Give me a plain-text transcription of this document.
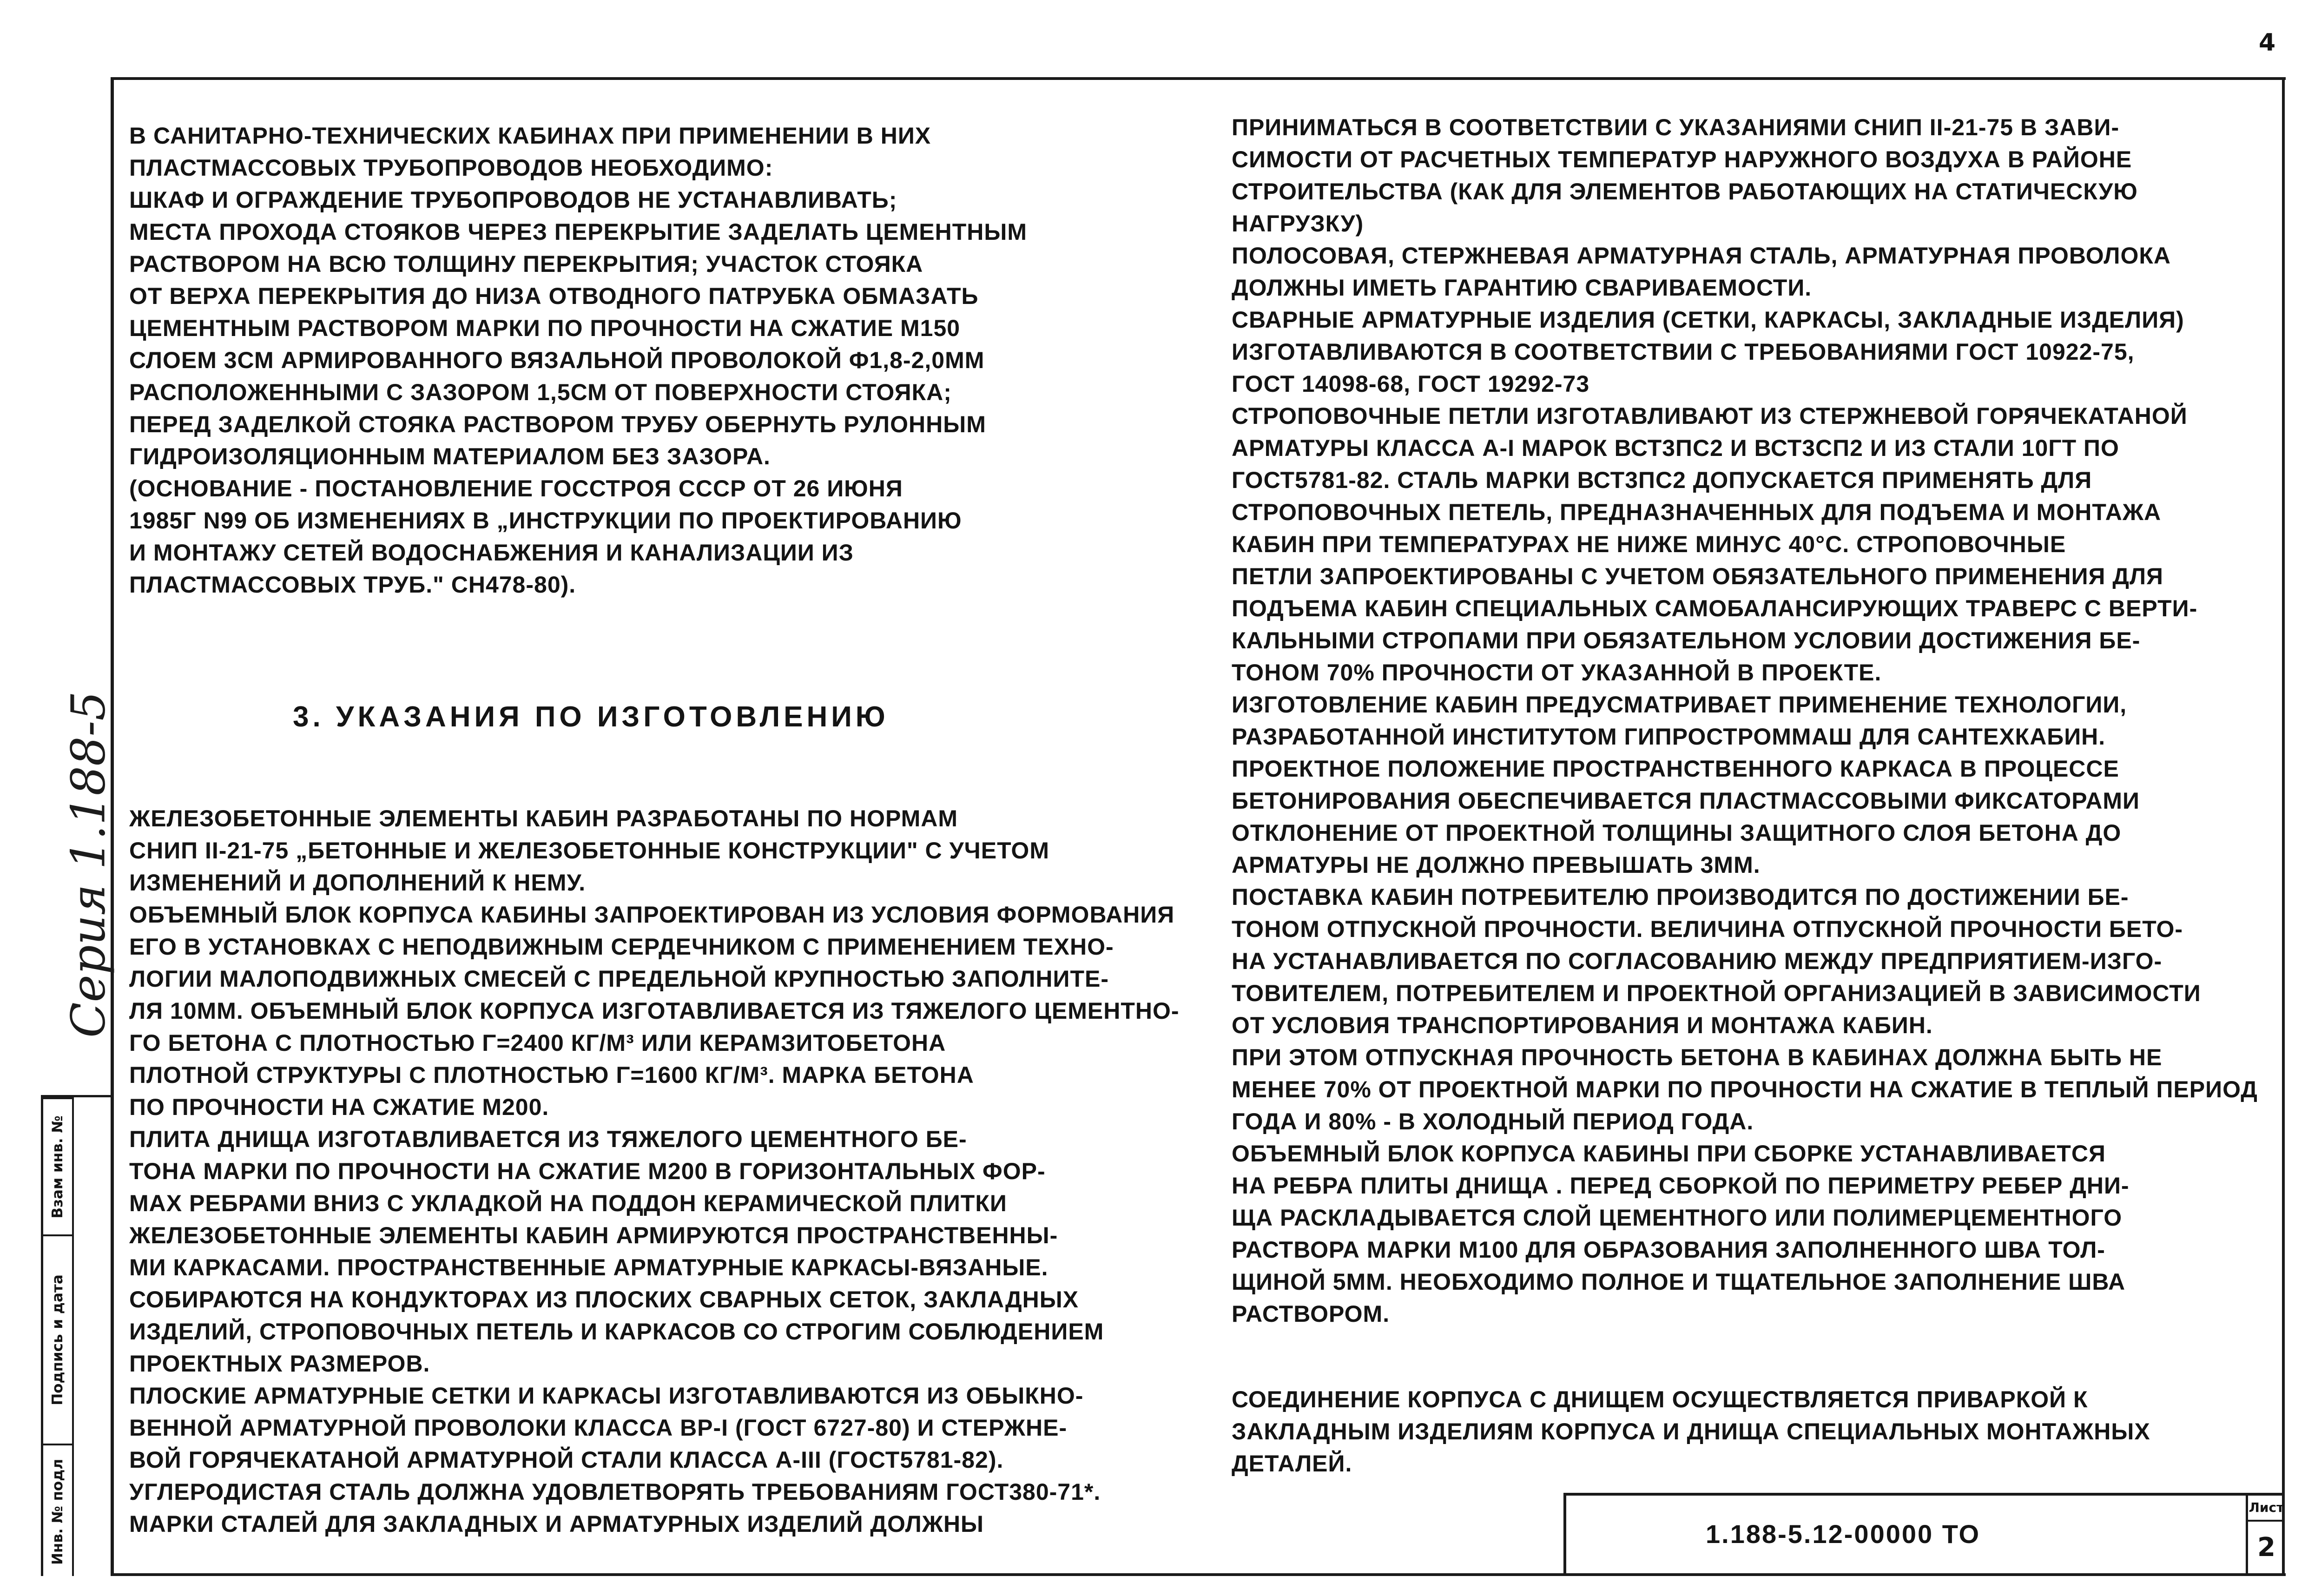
4
Серия 1.188-5
Инв. № подл
Подпись и дата
Взам инв. №
В САНИТАРНО-ТЕХНИЧЕСКИХ КАБИНАХ ПРИ ПРИМЕНЕНИИ В НИХ
ПЛАСТМАССОВЫХ ТРУБОПРОВОДОВ НЕОБХОДИМО:
ШКАФ И ОГРАЖДЕНИЕ ТРУБОПРОВОДОВ НЕ УСТАНАВЛИВАТЬ;
МЕСТА ПРОХОДА СТОЯКОВ ЧЕРЕЗ ПЕРЕКРЫТИЕ ЗАДЕЛАТЬ ЦЕМЕНТНЫМ
РАСТВОРОМ НА ВСЮ ТОЛЩИНУ ПЕРЕКРЫТИЯ; УЧАСТОК СТОЯКА
ОТ ВЕРХА ПЕРЕКРЫТИЯ ДО НИЗА ОТВОДНОГО ПАТРУБКА ОБМАЗАТЬ
ЦЕМЕНТНЫМ РАСТВОРОМ МАРКИ ПО ПРОЧНОСТИ НА СЖАТИЕ М150
СЛОЕМ 3СМ АРМИРОВАННОГО ВЯЗАЛЬНОЙ ПРОВОЛОКОЙ Ф1,8-2,0ММ
РАСПОЛОЖЕННЫМИ С ЗАЗОРОМ 1,5СМ ОТ ПОВЕРХНОСТИ СТОЯКА;
ПЕРЕД ЗАДЕЛКОЙ СТОЯКА РАСТВОРОМ ТРУБУ ОБЕРНУТЬ РУЛОННЫМ
ГИДРОИЗОЛЯЦИОННЫМ МАТЕРИАЛОМ БЕЗ ЗАЗОРА.
(ОСНОВАНИЕ - ПОСТАНОВЛЕНИЕ ГОССТРОЯ СССР ОТ 26 ИЮНЯ
1985Г N99 ОБ ИЗМЕНЕНИЯХ В „ИНСТРУКЦИИ ПО ПРОЕКТИРОВАНИЮ
И МОНТАЖУ СЕТЕЙ ВОДОСНАБЖЕНИЯ И КАНАЛИЗАЦИИ ИЗ
ПЛАСТМАССОВЫХ ТРУБ." СН478-80).
3. УКАЗАНИЯ ПО ИЗГОТОВЛЕНИЮ
ЖЕЛЕЗОБЕТОННЫЕ ЭЛЕМЕНТЫ КАБИН РАЗРАБОТАНЫ ПО НОРМАМ
СНИП II-21-75 „БЕТОННЫЕ И ЖЕЛЕЗОБЕТОННЫЕ КОНСТРУКЦИИ" С УЧЕТОМ
ИЗМЕНЕНИЙ И ДОПОЛНЕНИЙ К НЕМУ.
ОБЪЕМНЫЙ БЛОК КОРПУСА КАБИНЫ ЗАПРОЕКТИРОВАН ИЗ УСЛОВИЯ ФОРМОВАНИЯ
ЕГО В УСТАНОВКАХ С НЕПОДВИЖНЫМ СЕРДЕЧНИКОМ С ПРИМЕНЕНИЕМ ТЕХНО-
ЛОГИИ МАЛОПОДВИЖНЫХ СМЕСЕЙ С ПРЕДЕЛЬНОЙ КРУПНОСТЬЮ ЗАПОЛНИТЕ-
ЛЯ 10ММ. ОБЪЕМНЫЙ БЛОК КОРПУСА ИЗГОТАВЛИВАЕТСЯ ИЗ ТЯЖЕЛОГО ЦЕМЕНТНО-
ГО БЕТОНА С ПЛОТНОСТЬЮ Γ=2400 КГ/М³ ИЛИ КЕРАМЗИТОБЕТОНА
ПЛОТНОЙ СТРУКТУРЫ С ПЛОТНОСТЬЮ Γ=1600 КГ/М³. МАРКА БЕТОНА
ПО ПРОЧНОСТИ НА СЖАТИЕ М200.
ПЛИТА ДНИЩА ИЗГОТАВЛИВАЕТСЯ ИЗ ТЯЖЕЛОГО ЦЕМЕНТНОГО БЕ-
ТОНА МАРКИ ПО ПРОЧНОСТИ НА СЖАТИЕ М200 В ГОРИЗОНТАЛЬНЫХ ФОР-
МАХ РЕБРАМИ ВНИЗ С УКЛАДКОЙ НА ПОДДОН КЕРАМИЧЕСКОЙ ПЛИТКИ
ЖЕЛЕЗОБЕТОННЫЕ ЭЛЕМЕНТЫ КАБИН АРМИРУЮТСЯ ПРОСТРАНСТВЕННЫ-
МИ КАРКАСАМИ. ПРОСТРАНСТВЕННЫЕ АРМАТУРНЫЕ КАРКАСЫ-ВЯЗАНЫЕ.
СОБИРАЮТСЯ НА КОНДУКТОРАХ ИЗ ПЛОСКИХ СВАРНЫХ СЕТОК, ЗАКЛАДНЫХ
ИЗДЕЛИЙ, СТРОПОВОЧНЫХ ПЕТЕЛЬ И КАРКАСОВ СО СТРОГИМ СОБЛЮДЕНИЕМ
ПРОЕКТНЫХ РАЗМЕРОВ.
ПЛОСКИЕ АРМАТУРНЫЕ СЕТКИ И КАРКАСЫ ИЗГОТАВЛИВАЮТСЯ ИЗ ОБЫКНО-
ВЕННОЙ АРМАТУРНОЙ ПРОВОЛОКИ КЛАССА ВР-I (ГОСТ 6727-80) И СТЕРЖНЕ-
ВОЙ ГОРЯЧЕКАТАНОЙ АРМАТУРНОЙ СТАЛИ КЛАССА А-III (ГОСТ5781-82).
УГЛЕРОДИСТАЯ СТАЛЬ ДОЛЖНА УДОВЛЕТВОРЯТЬ ТРЕБОВАНИЯМ ГОСТ380-71*.
МАРКИ СТАЛЕЙ ДЛЯ ЗАКЛАДНЫХ И АРМАТУРНЫХ ИЗДЕЛИЙ ДОЛЖНЫ
ПРИНИМАТЬСЯ В СООТВЕТСТВИИ С УКАЗАНИЯМИ СНИП II-21-75 В ЗАВИ-
СИМОСТИ ОТ РАСЧЕТНЫХ ТЕМПЕРАТУР НАРУЖНОГО ВОЗДУХА В РАЙОНЕ
СТРОИТЕЛЬСТВА (КАК ДЛЯ ЭЛЕМЕНТОВ РАБОТАЮЩИХ НА СТАТИЧЕСКУЮ
НАГРУЗКУ)
ПОЛОСОВАЯ, СТЕРЖНЕВАЯ АРМАТУРНАЯ СТАЛЬ, АРМАТУРНАЯ ПРОВОЛОКА
ДОЛЖНЫ ИМЕТЬ ГАРАНТИЮ СВАРИВАЕМОСТИ.
СВАРНЫЕ АРМАТУРНЫЕ ИЗДЕЛИЯ (СЕТКИ, КАРКАСЫ, ЗАКЛАДНЫЕ ИЗДЕЛИЯ)
ИЗГОТАВЛИВАЮТСЯ В СООТВЕТСТВИИ С ТРЕБОВАНИЯМИ ГОСТ 10922-75,
ГОСТ 14098-68, ГОСТ 19292-73
СТРОПОВОЧНЫЕ ПЕТЛИ ИЗГОТАВЛИВАЮТ ИЗ СТЕРЖНЕВОЙ ГОРЯЧЕКАТАНОЙ
АРМАТУРЫ КЛАССА А-I МАРОК ВСТ3ПС2 И ВСТ3СП2 И ИЗ СТАЛИ 10ГТ ПО
ГОСТ5781-82. СТАЛЬ МАРКИ ВСТ3ПС2 ДОПУСКАЕТСЯ ПРИМЕНЯТЬ ДЛЯ
СТРОПОВОЧНЫХ ПЕТЕЛЬ, ПРЕДНАЗНАЧЕННЫХ ДЛЯ ПОДЪЕМА И МОНТАЖА
КАБИН ПРИ ТЕМПЕРАТУРАХ НЕ НИЖЕ МИНУС 40°С. СТРОПОВОЧНЫЕ
ПЕТЛИ ЗАПРОЕКТИРОВАНЫ С УЧЕТОМ ОБЯЗАТЕЛЬНОГО ПРИМЕНЕНИЯ ДЛЯ
ПОДЪЕМА КАБИН СПЕЦИАЛЬНЫХ САМОБАЛАНСИРУЮЩИХ ТРАВЕРС С ВЕРТИ-
КАЛЬНЫМИ СТРОПАМИ ПРИ ОБЯЗАТЕЛЬНОМ УСЛОВИИ ДОСТИЖЕНИЯ БЕ-
ТОНОМ 70% ПРОЧНОСТИ ОТ УКАЗАННОЙ В ПРОЕКТЕ.
ИЗГОТОВЛЕНИЕ КАБИН ПРЕДУСМАТРИВАЕТ ПРИМЕНЕНИЕ ТЕХНОЛОГИИ,
РАЗРАБОТАННОЙ ИНСТИТУТОМ ГИПРОСТРОММАШ ДЛЯ САНТЕХКАБИН.
ПРОЕКТНОЕ ПОЛОЖЕНИЕ ПРОСТРАНСТВЕННОГО КАРКАСА В ПРОЦЕССЕ
БЕТОНИРОВАНИЯ ОБЕСПЕЧИВАЕТСЯ ПЛАСТМАССОВЫМИ ФИКСАТОРАМИ
ОТКЛОНЕНИЕ ОТ ПРОЕКТНОЙ ТОЛЩИНЫ ЗАЩИТНОГО СЛОЯ БЕТОНА ДО
АРМАТУРЫ НЕ ДОЛЖНО ПРЕВЫШАТЬ 3ММ.
ПОСТАВКА КАБИН ПОТРЕБИТЕЛЮ ПРОИЗВОДИТСЯ ПО ДОСТИЖЕНИИ БЕ-
ТОНОМ ОТПУСКНОЙ ПРОЧНОСТИ. ВЕЛИЧИНА ОТПУСКНОЙ ПРОЧНОСТИ БЕТО-
НА УСТАНАВЛИВАЕТСЯ ПО СОГЛАСОВАНИЮ МЕЖДУ ПРЕДПРИЯТИЕМ-ИЗГО-
ТОВИТЕЛЕМ, ПОТРЕБИТЕЛЕМ И ПРОЕКТНОЙ ОРГАНИЗАЦИЕЙ В ЗАВИСИМОСТИ
ОТ УСЛОВИЯ ТРАНСПОРТИРОВАНИЯ И МОНТАЖА КАБИН.
ПРИ ЭТОМ ОТПУСКНАЯ ПРОЧНОСТЬ БЕТОНА В КАБИНАХ ДОЛЖНА БЫТЬ НЕ
МЕНЕЕ 70% ОТ ПРОЕКТНОЙ МАРКИ ПО ПРОЧНОСТИ НА СЖАТИЕ В ТЕПЛЫЙ ПЕРИОД
ГОДА И 80% - В ХОЛОДНЫЙ ПЕРИОД ГОДА.
ОБЪЕМНЫЙ БЛОК КОРПУСА КАБИНЫ ПРИ СБОРКЕ УСТАНАВЛИВАЕТСЯ
НА РЕБРА ПЛИТЫ ДНИЩА . ПЕРЕД СБОРКОЙ ПО ПЕРИМЕТРУ РЕБЕР ДНИ-
ЩА РАСКЛАДЫВАЕТСЯ СЛОЙ ЦЕМЕНТНОГО ИЛИ ПОЛИМЕРЦЕМЕНТНОГО
РАСТВОРА МАРКИ М100 ДЛЯ ОБРАЗОВАНИЯ ЗАПОЛНЕННОГО ШВА ТОЛ-
ЩИНОЙ 5ММ. НЕОБХОДИМО ПОЛНОЕ И ТЩАТЕЛЬНОЕ ЗАПОЛНЕНИЕ ШВА
РАСТВОРОМ.
СОЕДИНЕНИЕ КОРПУСА С ДНИЩЕМ ОСУЩЕСТВЛЯЕТСЯ ПРИВАРКОЙ К
ЗАКЛАДНЫМ ИЗДЕЛИЯМ КОРПУСА И ДНИЩА СПЕЦИАЛЬНЫХ МОНТАЖНЫХ
ДЕТАЛЕЙ.
1.188-5.12-00000 ТО
Лист
2
